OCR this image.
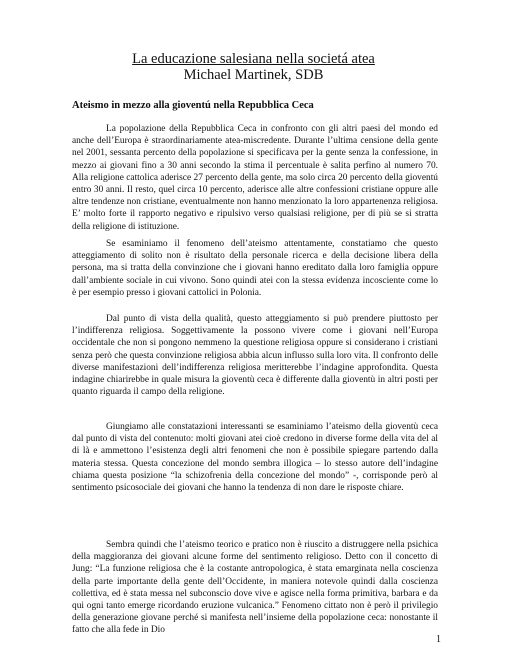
La educazione salesiana nella societá atea
Michael Martinek, SDB
Ateismo in mezzo alla gioventú nella Repubblica Ceca

La popolazione della Repubblica Ceca in confronto con gli altri paesi del mondo ed anche dell’Europa è straordinariamente atea-miscredente. Durante l’ultima censione della gente nel 2001, sessanta percento della popolazione si specificava per la gente senza la confessione, in mezzo ai giovani fino a 30 anni secondo la stima il percentuale è salita perfino al numero 70. Alla religione cattolica aderisce 27 percento della gente, ma solo circa 20 percento della gioventú entro 30 anni. Il resto, quel circa 10 percento, aderisce alle altre confessioni cristiane oppure alle altre tendenze non cristiane, eventualmente non hanno menzionato la loro appartenenza religiosa. E’ molto forte il rapporto negativo e ripulsivo verso qualsiasi religione, per di più se si stratta della religione di istituzione.

Se esaminiamo il fenomeno dell’ateismo attentamente, constatiamo che questo atteggiamento di solito non è risultato della personale ricerca e della decisione libera della persona, ma si tratta della convinzione che i giovani hanno ereditato dalla loro famiglia oppure dall’ambiente sociale in cui vivono. Sono quindi atei con la stessa evidenza incosciente come lo è per esempio presso i giovani cattolici in Polonia.

Dal punto di vista della qualità, questo atteggiamento si può prendere piuttosto per l’indifferenza religiosa. Soggettivamente la possono vivere come i giovani nell’Europa occidentale che non si pongono nemmeno la questione religiosa oppure si considerano i cristiani senza però che questa convinzione religiosa abbia alcun influsso sulla loro vita. Il confronto delle diverse manifestazioni dell’indifferenza religiosa meritterebbe l’indagine approfondita. Questa indagine chiarirebbe in quale misura la gioventù ceca è differente dalla gioventù in altri posti per quanto riguarda il campo della religione.

Giungiamo alle constatazioni interessanti se esaminiamo l’ateismo della gioventù ceca dal punto di vista del contenuto: molti giovani atei cioè credono in diverse forme della vita del al di là e ammettono l’esistenza degli altri fenomeni che non è possibile spiegare partendo dalla materia stessa. Questa concezione del mondo sembra illogica – lo stesso autore dell’indagine chiama questa posizione “la schizofrenia della concezione del mondo” -, corrisponde però al sentimento psicosociale dei giovani che hanno la tendenza di non dare le risposte chiare.

Sembra quindi che l’ateismo teorico e pratico non è riuscito a distruggere nella psichica della maggioranza dei giovani alcune forme del sentimento religioso. Detto con il concetto di Jung: “La funzione religiosa che è la costante antropologica, è stata emarginata nella coscienza della parte importante della gente dell’Occidente, in maniera notevole quindi dalla coscienza collettiva, ed è stata messa nel subconscio dove vive e agisce nella forma primitiva, barbara e da qui ogni tanto emerge ricordando eruzione vulcanica.” Fenomeno cittato non è però il privilegio della generazione giovane perché si manifesta nell’insieme della popolazione ceca: nonostante il fatto che alla fede in Dio

1
